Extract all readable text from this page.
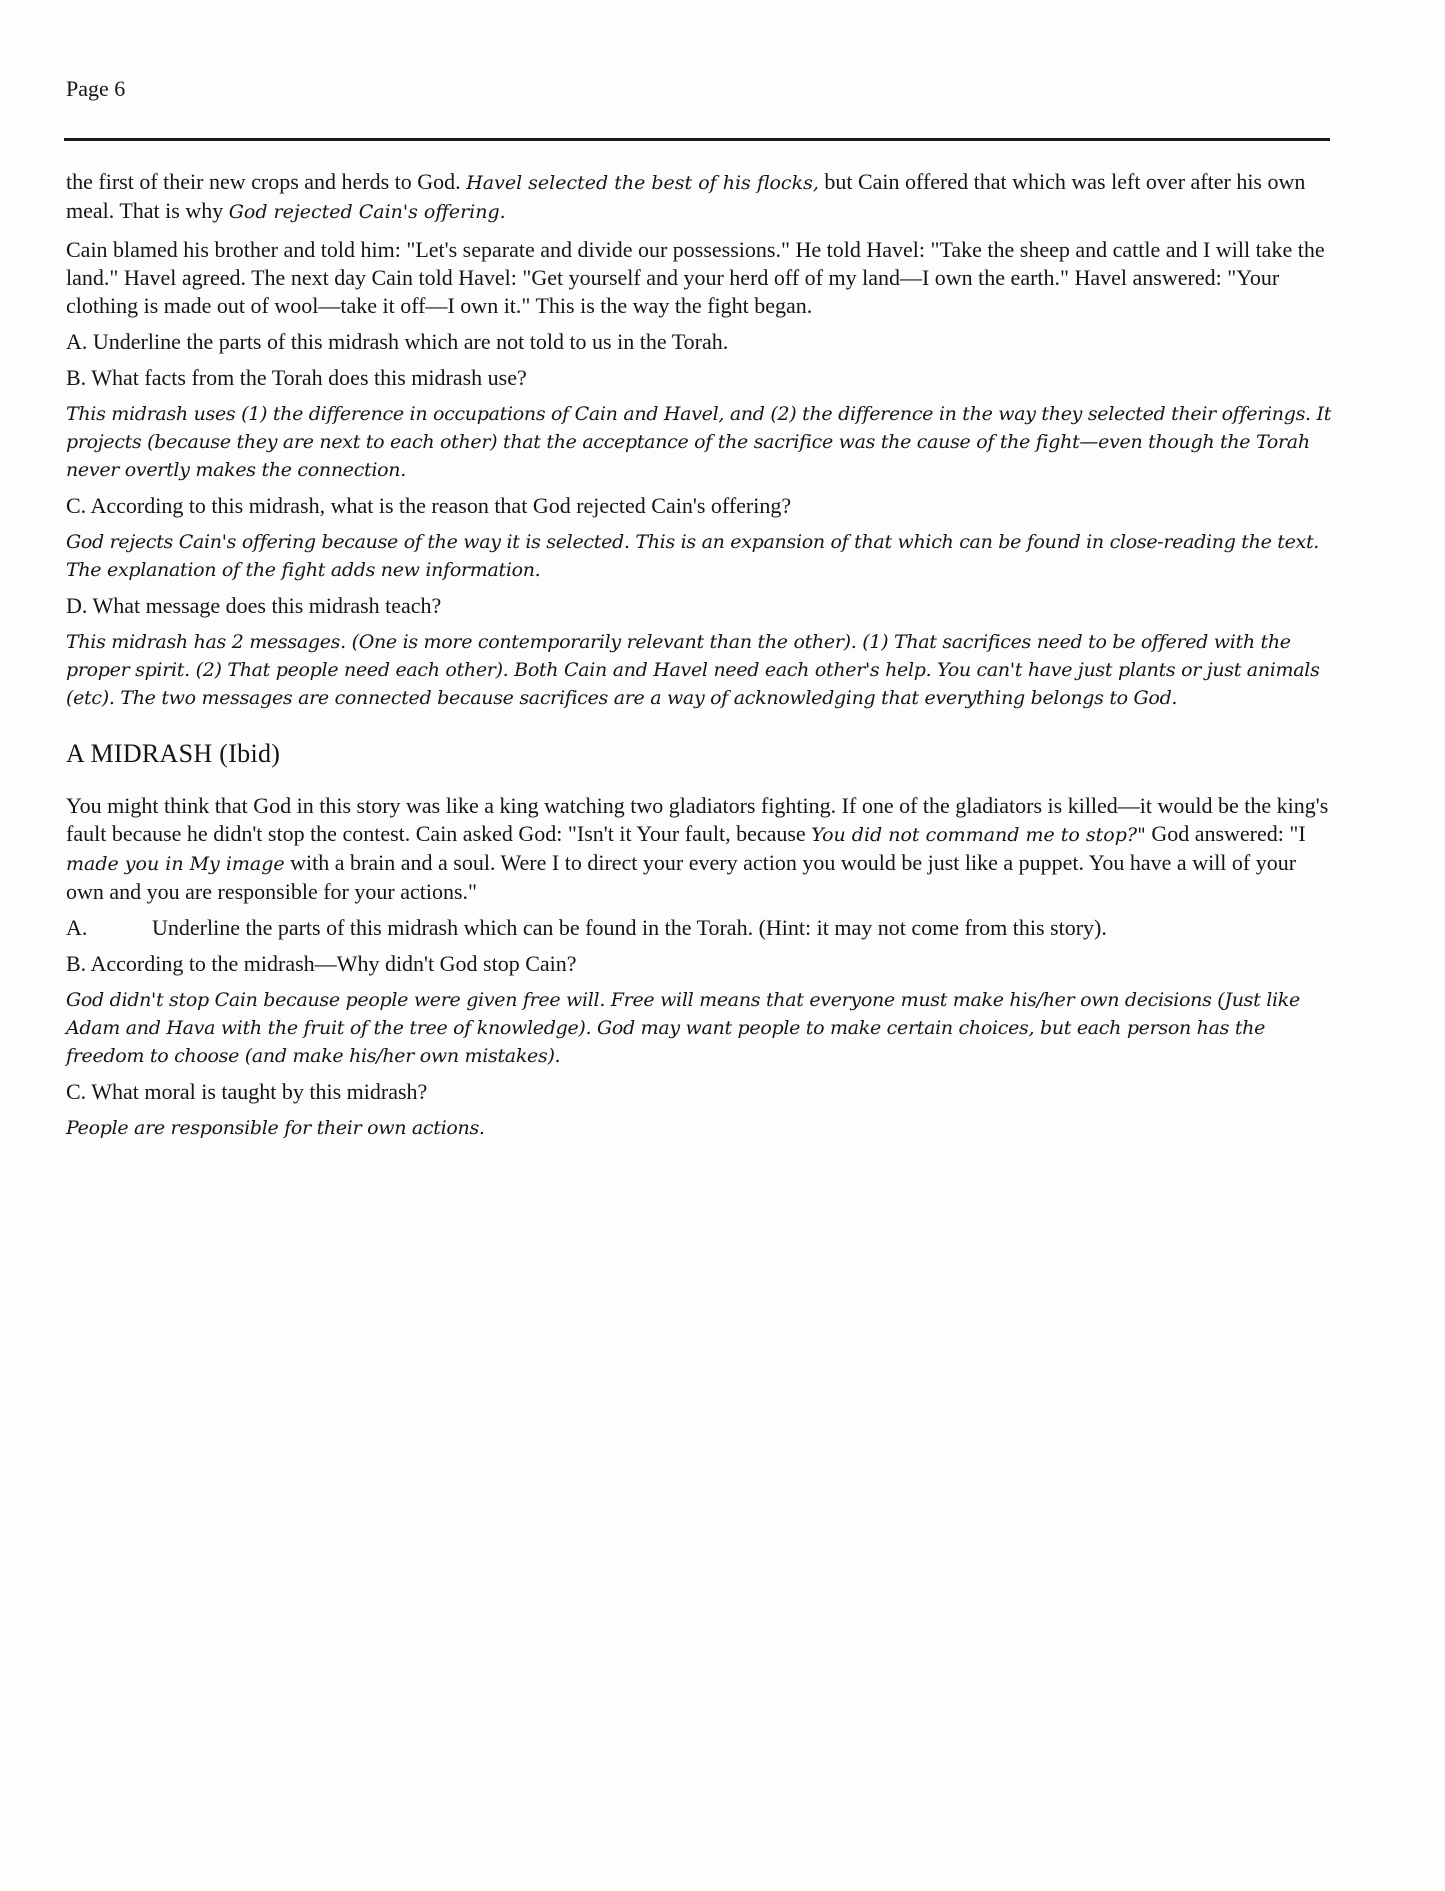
Page 6

the first of their new crops and herds to God. Havel selected the best of his flocks, but Cain offered that which was left over after his own meal. That is why God rejected Cain's offering.

Cain blamed his brother and told him: "Let's separate and divide our possessions." He told Havel: "Take the sheep and cattle and I will take the land." Havel agreed. The next day Cain told Havel: "Get yourself and your herd off of my land—I own the earth." Havel answered: "Your clothing is made out of wool—take it off—I own it." This is the way the fight began.

A. Underline the parts of this midrash which are not told to us in the Torah.

B. What facts from the Torah does this midrash use?

This midrash uses (1) the difference in occupations of Cain and Havel, and (2) the difference in the way they selected their offerings. It projects (because they are next to each other) that the acceptance of the sacrifice was the cause of the fight—even though the Torah never overtly makes the connection.

C. According to this midrash, what is the reason that God rejected Cain's offering?

God rejects Cain's offering because of the way it is selected. This is an expansion of that which can be found in close-reading the text. The explanation of the fight adds new information.

D. What message does this midrash teach?

This midrash has 2 messages. (One is more contemporarily relevant than the other). (1) That sacrifices need to be offered with the proper spirit. (2) That people need each other). Both Cain and Havel need each other's help. You can't have just plants or just animals (etc). The two messages are connected because sacrifices are a way of acknowledging that everything belongs to God.

A MIDRASH (Ibid)

You might think that God in this story was like a king watching two gladiators fighting. If one of the gladiators is killed—it would be the king's fault because he didn't stop the contest. Cain asked God: "Isn't it Your fault, because You did not command me to stop?" God answered: "I made you in My image with a brain and a soul. Were I to direct your every action you would be just like a puppet. You have a will of your own and you are responsible for your actions."

A.	Underline the parts of this midrash which can be found in the Torah. (Hint: it may not come from this story).

B. According to the midrash—Why didn't God stop Cain?

God didn't stop Cain because people were given free will. Free will means that everyone must make his/her own decisions (Just like Adam and Hava with the fruit of the tree of knowledge). God may want people to make certain choices, but each person has the freedom to choose (and make his/her own mistakes).

C. What moral is taught by this midrash?

People are responsible for their own actions.
